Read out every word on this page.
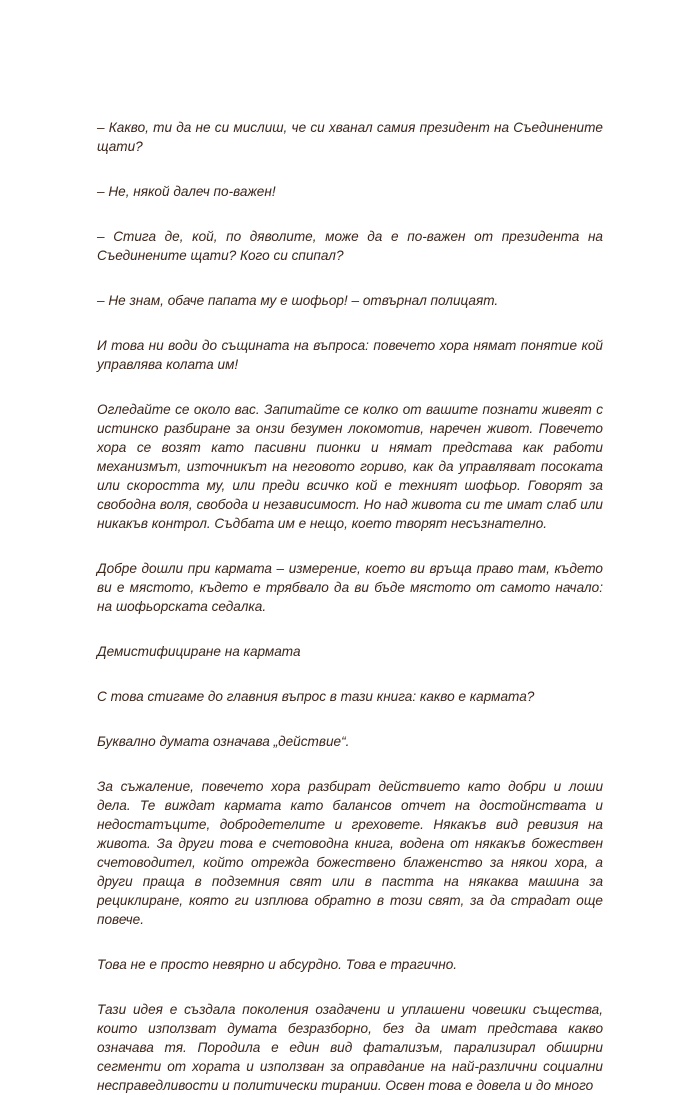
– Какво, ти да не си мислиш, че си хванал самия президент на Съединените щати?

– Не, някой далеч по-важен!

– Стига де, кой, по дяволите, може да е по-важен от президента на Съединените щати? Кого си спипал?

– Не знам, обаче папата му е шофьор! – отвърнал полицаят.

И това ни води до същината на въпроса: повечето хора нямат понятие кой управлява колата им!

Огледайте се около вас. Запитайте се колко от вашите познати живеят с истинско разбиране за онзи безумен локомотив, наречен живот. Повечето хора се возят като пасивни пионки и нямат представа как работи механизмът, източникът на неговото гориво, как да управляват посоката или скоростта му, или преди всичко кой е техният шофьор. Говорят за свободна воля, свобода и независимост. Но над живота си те имат слаб или никакъв контрол. Съдбата им е нещо, което творят несъзнателно.

Добре дошли при кармата – измерение, което ви връща право там, където ви е мястото, където е трябвало да ви бъде мястото от самото начало: на шофьорската седалка.

Демистифициране на кармата

С това стигаме до главния въпрос в тази книга: какво е кармата?

Буквално думата означава „действие“.

За съжаление, повечето хора разбират действието като добри и лоши дела. Те виждат кармата като балансов отчет на достойнствата и недостатъците, добродетелите и греховете. Някакъв вид ревизия на живота. За други това е счетоводна книга, водена от някакъв божествен счетоводител, който отрежда божествено блаженство за някои хора, а други праща в подземния свят или в пастта на някаква машина за рециклиране, която ги изплюва обратно в този свят, за да страдат още повече.

Това не е просто невярно и абсурдно. Това е трагично.

Тази идея е създала поколения озадачени и уплашени човешки същества, които използват думата безразборно, без да имат представа какво означава тя. Породила е един вид фатализъм, парализирал обширни сегменти от хората и използван за оправдание на най-различни социални несправедливости и политически тирании. Освен това е довела и до много
